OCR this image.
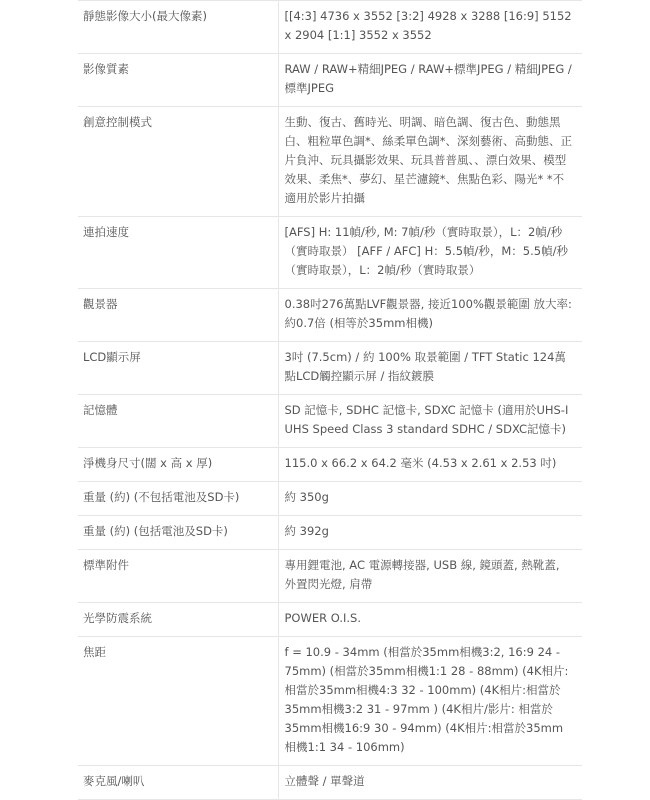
靜態影像大小(最大像素)	[[4:3] 4736 x 3552 [3:2] 4928 x 3288 [16:9] 5152 x 2904 [1:1] 3552 x 3552
影像質素	RAW / RAW+精細JPEG / RAW+標準JPEG / 精細JPEG / 標準JPEG
創意控制模式	生動、復古、舊時光、明調、暗色調、復古色、動態黑白、粗粒單色調*、絲柔單色調*、深刻藝術、高動態、正片負沖、玩具攝影效果、玩具普普風、、漂白效果、模型效果、柔焦*、夢幻、星芒濾鏡*、焦點色彩、陽光* *不適用於影片拍攝
連拍速度	[AFS] H: 11幀/秒, M: 7幀/秒（實時取景），L：2幀/秒（實時取景） [AFF / AFC] H：5.5幀/秒，M：5.5幀/秒（實時取景），L：2幀/秒（實時取景）
觀景器	0.38吋276萬點LVF觀景器, 接近100%觀景範圍 放大率:約0.7倍 (相等於35mm相機)
LCD顯示屏	3吋 (7.5cm) / 約 100% 取景範圍 / TFT Static 124萬點LCD觸控顯示屏 / 指紋鍍膜
記憶體	SD 記憶卡, SDHC 記憶卡, SDXC 記憶卡 (適用於UHS-I UHS Speed Class 3 standard SDHC / SDXC記憶卡)
淨機身尺寸(闊 x 高 x 厚)	115.0 x 66.2 x 64.2 毫米 (4.53 x 2.61 x 2.53 吋)
重量 (約) (不包括電池及SD卡)	約 350g
重量 (約) (包括電池及SD卡)	約 392g
標準附件	專用鋰電池, AC 電源轉接器, USB 線, 鏡頭蓋, 熱靴蓋, 外置閃光燈, 肩帶
光學防震系統	POWER O.I.S.
焦距	f = 10.9 - 34mm (相當於35mm相機3:2, 16:9 24 - 75mm) (相當於35mm相機1:1 28 - 88mm) (4K相片:相當於35mm相機4:3 32 - 100mm) (4K相片:相當於35mm相機3:2 31 - 97mm ) (4K相片/影片: 相當於35mm相機16:9 30 - 94mm) (4K相片:相當於35mm相機1:1 34 - 106mm)
麥克風/喇叭	立體聲 / 單聲道
